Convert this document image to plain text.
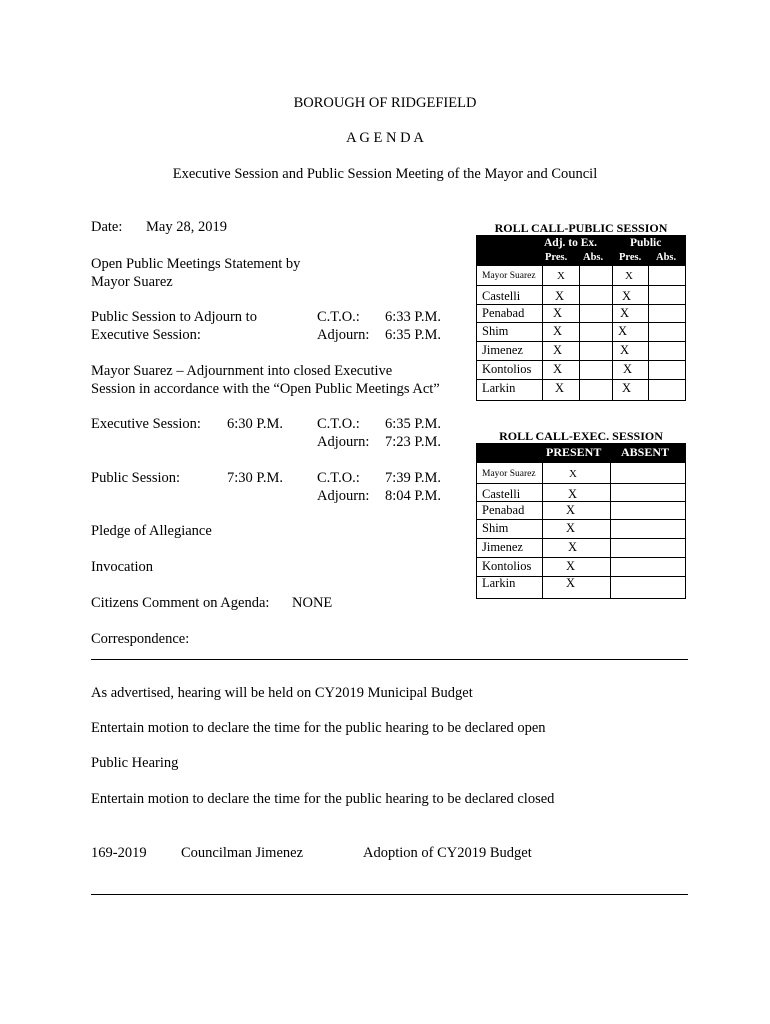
BOROUGH OF RIDGEFIELD
A G E N D A
Executive Session and Public Session Meeting of the Mayor and Council
Date: May 28, 2019
Open Public Meetings Statement by
Mayor Suarez
Public Session to Adjourn to
Executive Session:
C.T.O.: 6:33 P.M.
Adjourn: 6:35 P.M.
Mayor Suarez – Adjournment into closed Executive
Session in accordance with the “Open Public Meetings Act”
Executive Session: 6:30 P.M. C.T.O.: 6:35 P.M.
Adjourn: 7:23 P.M.
Public Session:	7:30 P.M. C.T.O.: 7:39 P.M.
Adjourn: 8:04 P.M.
Pledge of Allegiance
Invocation
Citizens Comment on Agenda: NONE
Correspondence:
As advertised, hearing will be held on CY2019 Municipal Budget
Entertain motion to declare the time for the public hearing to be declared open
Public Hearing
Entertain motion to declare the time for the public hearing to be declared closed
169-2019 Councilman Jimenez	Adoption of CY2019 Budget
ROLL CALL-PUBLIC SESSION
Adj. to Ex.	Public
Pres. Abs. Pres. Abs.
Mayor Suarez X	X
Castelli	X	X
Penabad X	X
Shim	X	X
Jimenez X	X
Kontolios X	X
Larkin	X	X
ROLL CALL-EXEC. SESSION
PRESENT ABSENT
Mayor Suarez	X
Castelli	X
Penabad	X
Shim	X
Jimenez	X
Kontolios	X
Larkin	X
